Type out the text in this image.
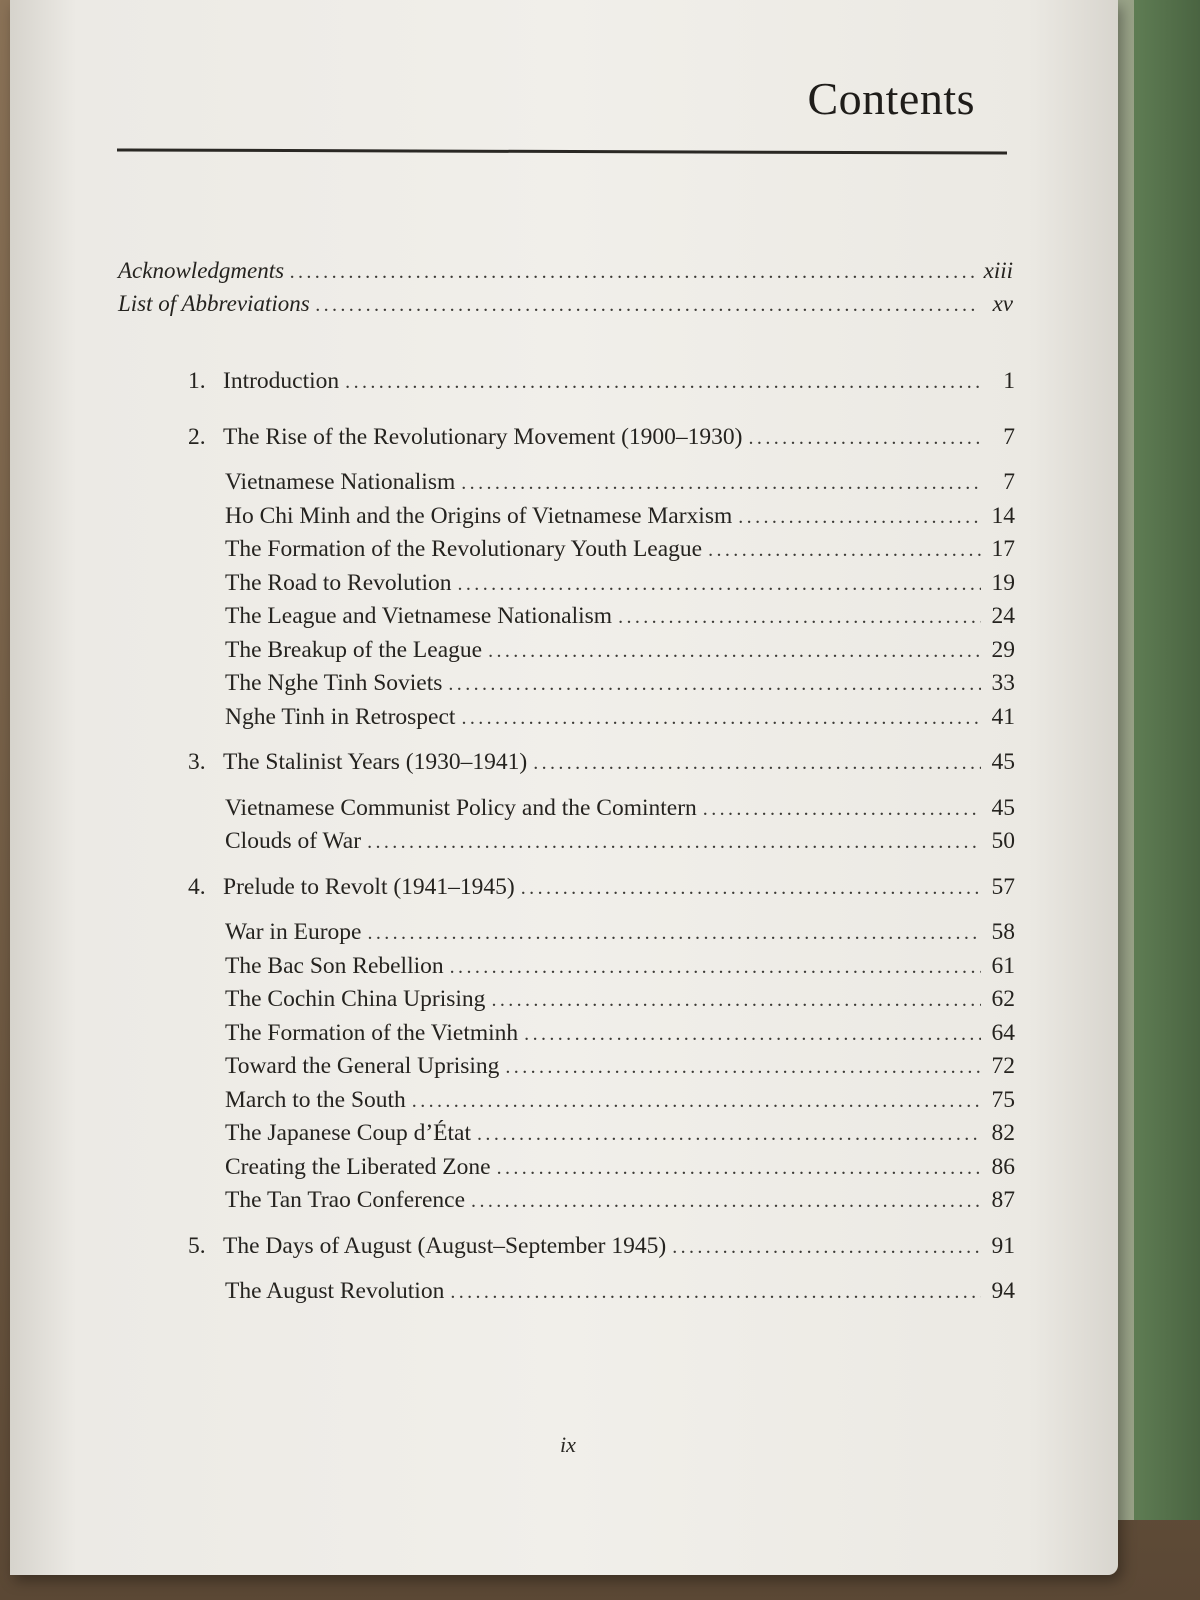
Contents
Acknowledgments .....	xiii
List of Abbreviations .....	xv
1. Introduction .....	1
2. The Rise of the Revolutionary Movement (1900–1930) .....	7
Vietnamese Nationalism .....	7
Ho Chi Minh and the Origins of Vietnamese Marxism .....	14
The Formation of the Revolutionary Youth League .....	17
The Road to Revolution .....	19
The League and Vietnamese Nationalism .....	24
The Breakup of the League .....	29
The Nghe Tinh Soviets .....	33
Nghe Tinh in Retrospect .....	41
3. The Stalinist Years (1930–1941) .....	45
Vietnamese Communist Policy and the Comintern .....	45
Clouds of War .....	50
4. Prelude to Revolt (1941–1945) .....	57
War in Europe .....	58
The Bac Son Rebellion .....	61
The Cochin China Uprising .....	62
The Formation of the Vietminh .....	64
Toward the General Uprising .....	72
March to the South .....	75
The Japanese Coup d’État .....	82
Creating the Liberated Zone .....	86
The Tan Trao Conference .....	87
5. The Days of August (August–September 1945) .....	91
The August Revolution .....	94
ix
